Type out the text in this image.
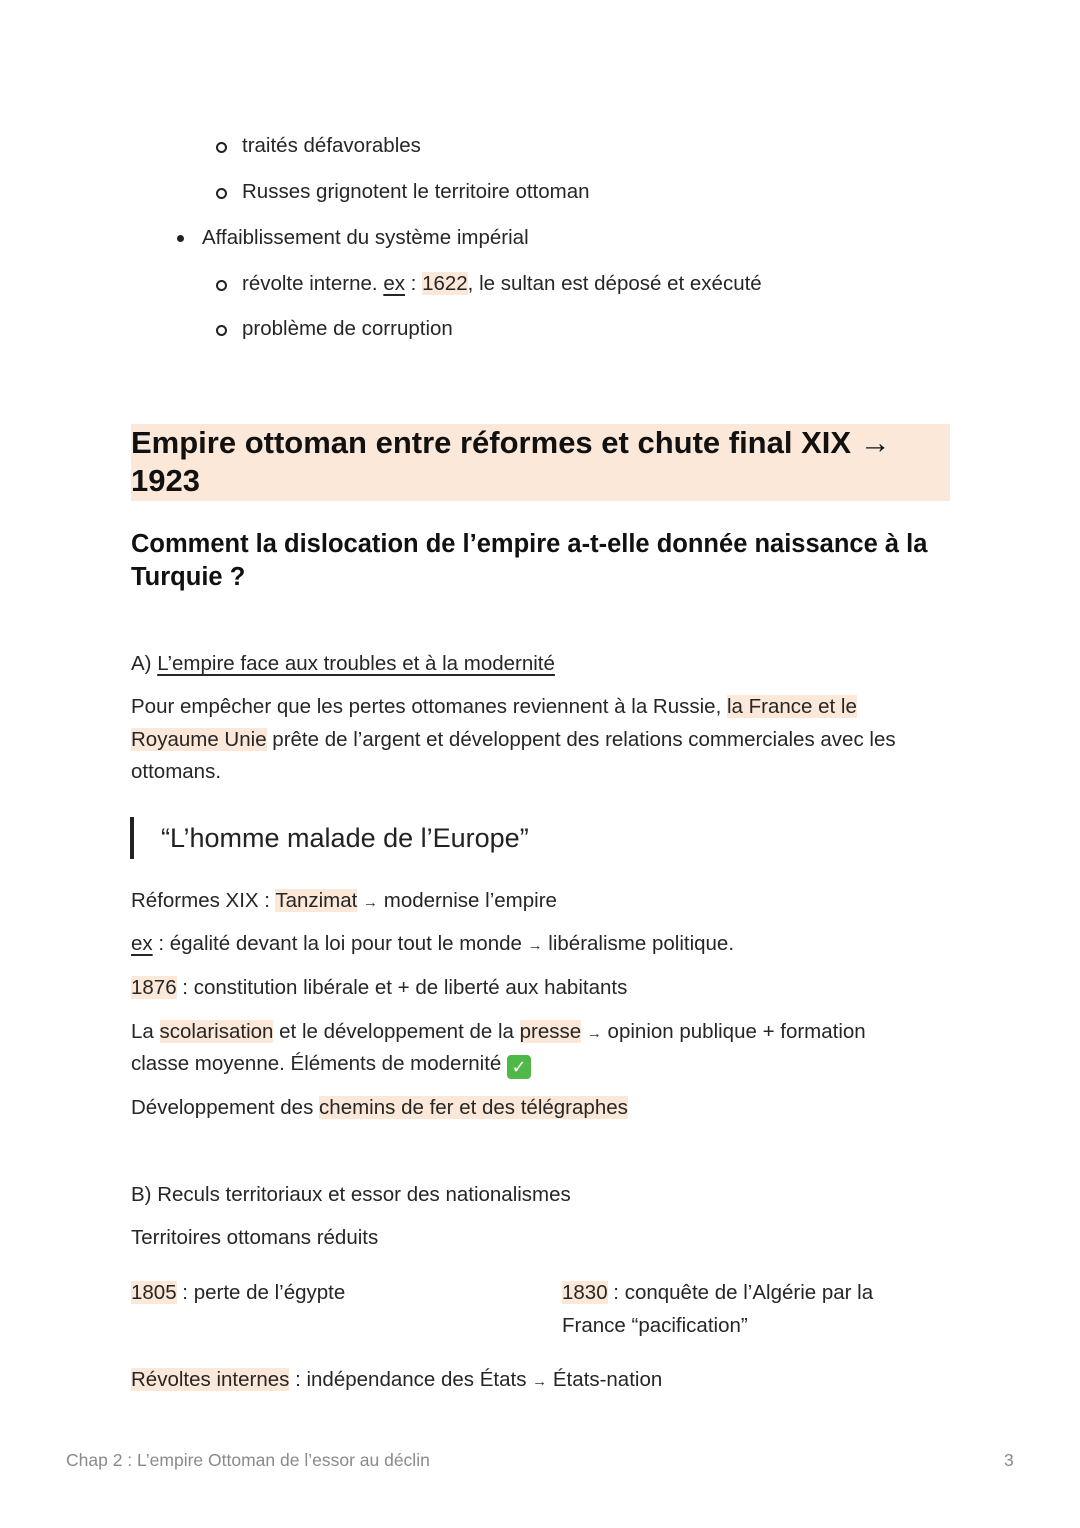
traités défavorables
Russes grignotent le territoire ottoman
Affaiblissement du système impérial
révolte interne. ex : 1622, le sultan est déposé et exécuté
problème de corruption
Empire ottoman entre réformes et chute final XIX → 1923
Comment la dislocation de l’empire a-t-elle donnée naissance à la Turquie ?
A) L’empire face aux troubles et à la modernité
Pour empêcher que les pertes ottomanes reviennent à la Russie, la France et le
Royaume Unie prête de l’argent et développent des relations commerciales avec les
ottomans.
“L’homme malade de l’Europe”
Réformes XIX : Tanzimat → modernise l’empire
ex : égalité devant la loi pour tout le monde → libéralisme politique.
1876 : constitution libérale et + de liberté aux habitants
La scolarisation et le développement de la presse → opinion publique + formation
classe moyenne. Éléments de modernité ✓
Développement des chemins de fer et des télégraphes
B) Reculs territoriaux et essor des nationalismes
Territoires ottomans réduits
1805 : perte de l’égypte	1830 : conquête de l’Algérie par la
France “pacification”
Révoltes internes : indépendance des États → États-nation
Chap 2 : L’empire Ottoman de l’essor au déclin	3
